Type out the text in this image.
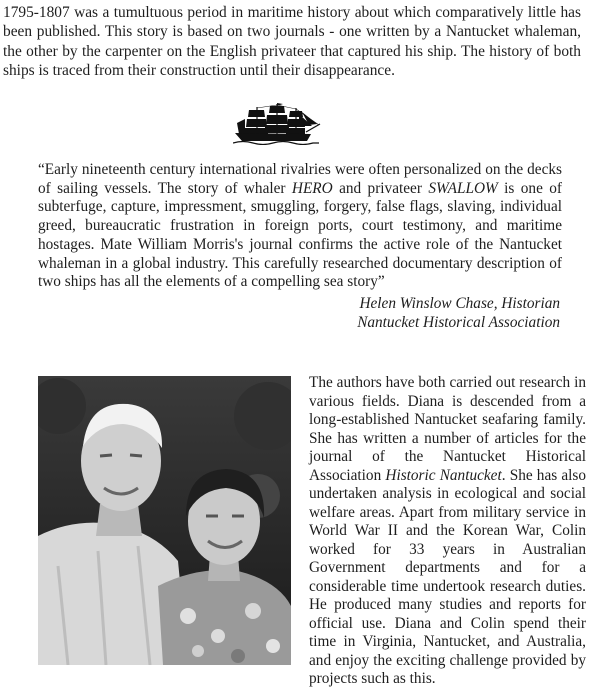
1795-1807 was a tumultuous period in maritime history about which comparatively little has been published. This story is based on two journals - one written by a Nantucket whaleman, the other by the carpenter on the English privateer that captured his ship. The history of both ships is traced from their construction until their disappearance.

“Early nineteenth century international rivalries were often personalized on the decks of sailing vessels. The story of whaler HERO and privateer SWALLOW is one of subterfuge, capture, impressment, smuggling, forgery, false flags, slaving, individual greed, bureaucratic frustration in foreign ports, court testimony, and maritime hostages. Mate William Morris's journal confirms the active role of the Nantucket whaleman in a global industry. This carefully researched documentary description of two ships has all the elements of a compelling sea story”

Helen Winslow Chase, Historian
Nantucket Historical Association

The authors have both carried out research in various fields. Diana is descended from a long-established Nantucket seafaring family. She has written a number of articles for the journal of the Nantucket Historical Association Historic Nantucket. She has also undertaken analysis in ecological and social welfare areas. Apart from military service in World War II and the Korean War, Colin worked for 33 years in Australian Government departments and for a considerable time undertook research duties. He produced many studies and reports for official use. Diana and Colin spend their time in Virginia, Nantucket, and Australia, and enjoy the exciting challenge provided by projects such as this.
